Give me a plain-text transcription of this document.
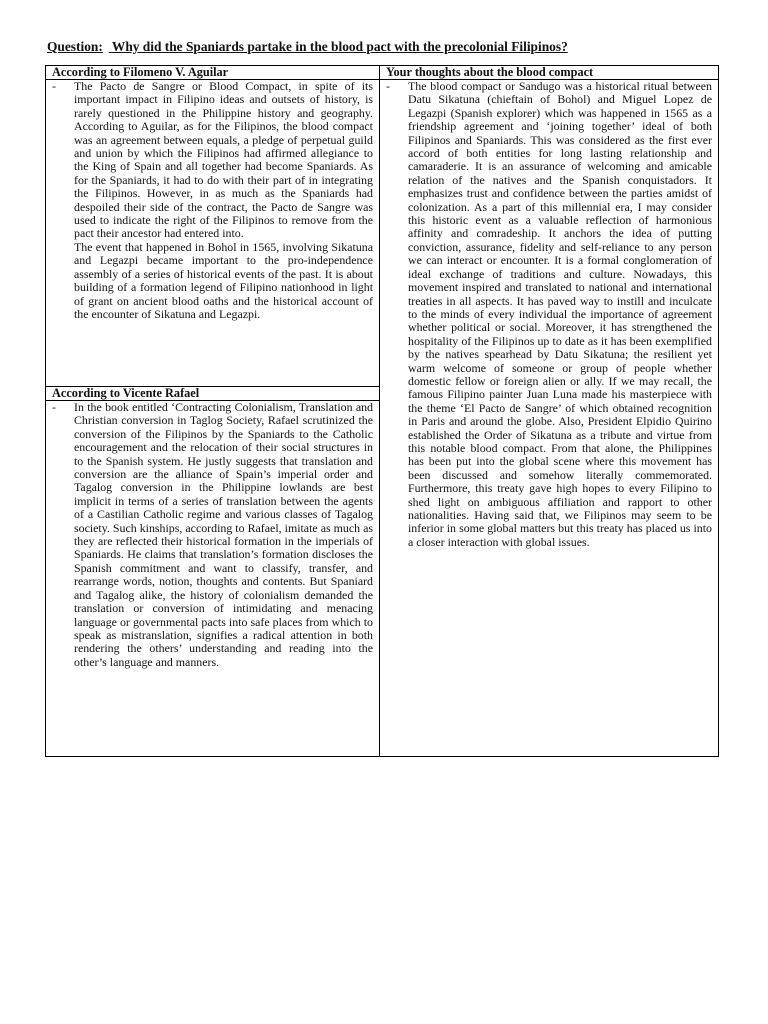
Question: Why did the Spaniards partake in the blood pact with the precolonial Filipinos?
According to Filomeno V. Aguilar
- The Pacto de Sangre or Blood Compact, in spite of its important impact in Filipino ideas and outsets of history, is rarely questioned in the Philippine history and geography. According to Aguilar, as for the Filipinos, the blood compact was an agreement between equals, a pledge of perpetual guild and union by which the Filipinos had affirmed allegiance to the King of Spain and all together had become Spaniards. As for the Spaniards, it had to do with their part of in integrating the Filipinos. However, in as much as the Spaniards had despoiled their side of the contract, the Pacto de Sangre was used to indicate the right of the Filipinos to remove from the pact their ancestor had entered into.

The event that happened in Bohol in 1565, involving Sikatuna and Legazpi became important to the pro-independence assembly of a series of historical events of the past. It is about building of a formation legend of Filipino nationhood in light of grant on ancient blood oaths and the historical account of the encounter of Sikatuna and Legazpi.

According to Vicente Rafael
- In the book entitled ‘Contracting Colonialism, Translation and Christian conversion in Taglog Society, Rafael scrutinized the conversion of the Filipinos by the Spaniards to the Catholic encouragement and the relocation of their social structures in to the Spanish system. He justly suggests that translation and conversion are the alliance of Spain’s imperial order and Tagalog conversion in the Philippine lowlands are best implicit in terms of a series of translation between the agents of a Castilian Catholic regime and various classes of Tagalog society. Such kinships, according to Rafael, imitate as much as they are reflected their historical formation in the imperials of Spaniards. He claims that translation’s formation discloses the Spanish commitment and want to classify, transfer, and rearrange words, notion, thoughts and contents. But Spaniard and Tagalog alike, the history of colonialism demanded the translation or conversion of intimidating and menacing language or governmental pacts into safe places from which to speak as mistranslation, signifies a radical attention in both rendering the others’ understanding and reading into the other’s language and manners.

Your thoughts about the blood compact
- The blood compact or Sandugo was a historical ritual between Datu Sikatuna (chieftain of Bohol) and Miguel Lopez de Legazpi (Spanish explorer) which was happened in 1565 as a friendship agreement and ‘joining together’ ideal of both Filipinos and Spaniards. This was considered as the first ever accord of both entities for long lasting relationship and camaraderie. It is an assurance of welcoming and amicable relation of the natives and the Spanish conquistadors. It emphasizes trust and confidence between the parties amidst of colonization. As a part of this millennial era, I may consider this historic event as a valuable reflection of harmonious affinity and comradeship. It anchors the idea of putting conviction, assurance, fidelity and self-reliance to any person we can interact or encounter. It is a formal conglomeration of ideal exchange of traditions and culture. Nowadays, this movement inspired and translated to national and international treaties in all aspects. It has paved way to instill and inculcate to the minds of every individual the importance of agreement whether political or social. Moreover, it has strengthened the hospitality of the Filipinos up to date as it has been exemplified by the natives spearhead by Datu Sikatuna; the resilient yet warm welcome of someone or group of people whether domestic fellow or foreign alien or ally. If we may recall, the famous Filipino painter Juan Luna made his masterpiece with the theme ‘El Pacto de Sangre’ of which obtained recognition in Paris and around the globe. Also, President Elpidio Quirino established the Order of Sikatuna as a tribute and virtue from this notable blood compact. From that alone, the Philippines has been put into the global scene where this movement has been discussed and somehow literally commemorated. Furthermore, this treaty gave high hopes to every Filipino to shed light on ambiguous affiliation and rapport to other nationalities. Having said that, we Filipinos may seem to be inferior in some global matters but this treaty has placed us into a closer interaction with global issues.
